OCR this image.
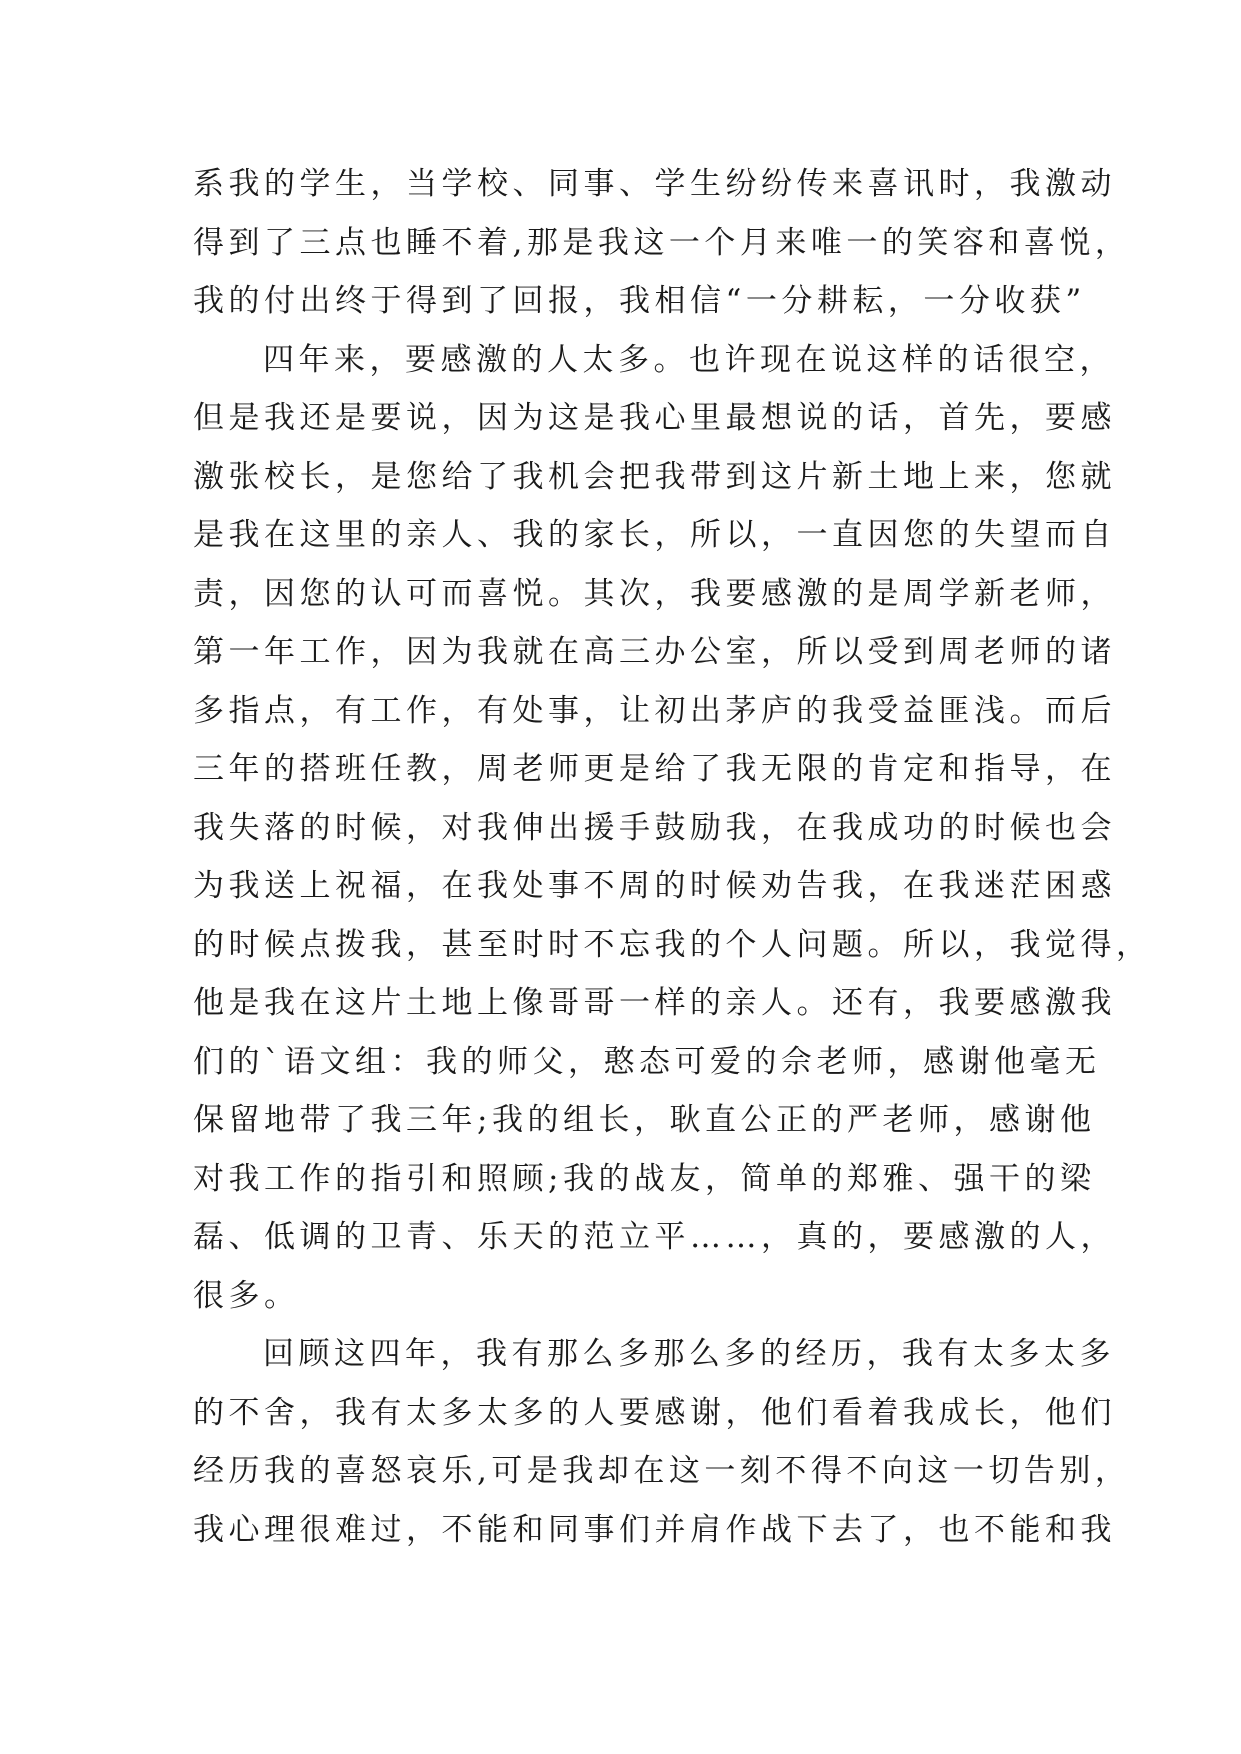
系我的学生，当学校、同事、学生纷纷传来喜讯时，我激动
得到了三点也睡不着,那是我这一个月来唯一的笑容和喜悦，
我的付出终于得到了回报，我相信“一分耕耘，一分收获”
四年来，要感激的人太多。也许现在说这样的话很空，
但是我还是要说，因为这是我心里最想说的话，首先，要感
激张校长，是您给了我机会把我带到这片新土地上来，您就
是我在这里的亲人、我的家长，所以，一直因您的失望而自
责，因您的认可而喜悦。其次，我要感激的是周学新老师，
第一年工作，因为我就在高三办公室，所以受到周老师的诸
多指点，有工作，有处事，让初出茅庐的我受益匪浅。而后
三年的搭班任教，周老师更是给了我无限的肯定和指导，在
我失落的时候，对我伸出援手鼓励我，在我成功的时候也会
为我送上祝福，在我处事不周的时候劝告我，在我迷茫困惑
的时候点拨我，甚至时时不忘我的个人问题。所以，我觉得，
他是我在这片土地上像哥哥一样的亲人。还有，我要感激我
们的`语文组：我的师父，憨态可爱的佘老师，感谢他毫无
保留地带了我三年;我的组长，耿直公正的严老师，感谢他
对我工作的指引和照顾;我的战友，简单的郑雅、强干的梁
磊、低调的卫青、乐天的范立平……，真的，要感激的人，
很多。
回顾这四年，我有那么多那么多的经历，我有太多太多
的不舍，我有太多太多的人要感谢，他们看着我成长，他们
经历我的喜怒哀乐,可是我却在这一刻不得不向这一切告别，
我心理很难过，不能和同事们并肩作战下去了，也不能和我
